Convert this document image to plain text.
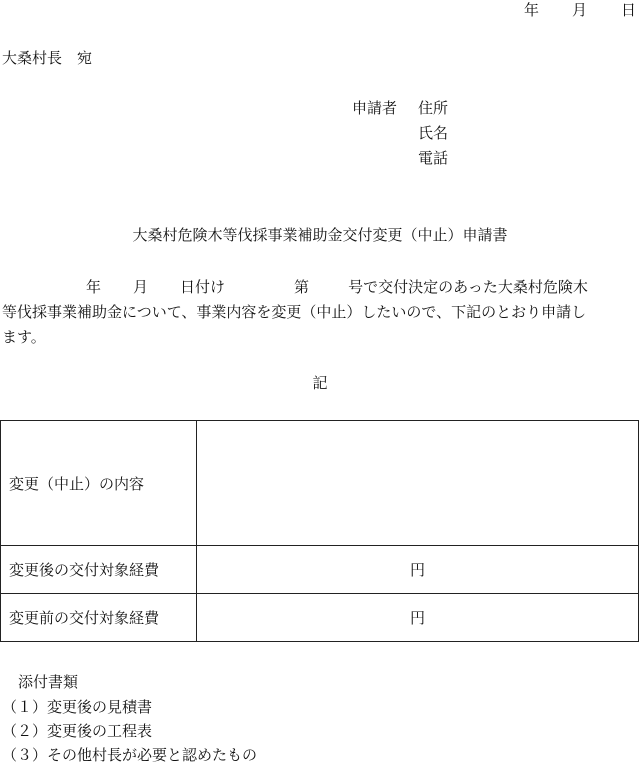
年 月 日
大桑村長　宛
申請者 住所
氏名
電話
大桑村危険木等伐採事業補助金交付変更（中止）申請書
年 月 日付け	第	号で交付決定のあった大桑村危険木
等伐採事業補助金について、事業内容を変更（中止）したいので、下記のとおり申請し
ます。
記
変更（中止）の内容	
変更後の交付対象経費	円
変更前の交付対象経費	円
添付書類
（１）変更後の見積書
（２）変更後の工程表
（３）その他村長が必要と認めたもの
